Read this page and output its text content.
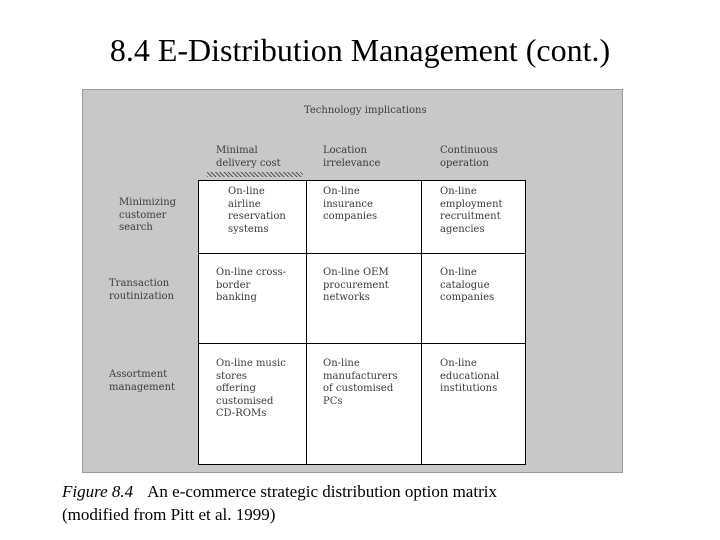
8.4 E-Distribution Management (cont.)
Technology implications
Minimal
delivery cost
Location
irrelevance
Continuous
operation
Minimizing
customer
search
Transaction
routinization
Assortment
management
On-line
airline
reservation
systems
On-line
insurance
companies
On-line
employment
recruitment
agencies
On-line cross-
border
banking
On-line OEM
procurement
networks
On-line
catalogue
companies
On-line music
stores
offering
customised
CD-ROMs
On-line
manufacturers
of customised
PCs
On-line
educational
institutions
Figure 8.4 An e-commerce strategic distribution option matrix
(modified from Pitt et al. 1999)
